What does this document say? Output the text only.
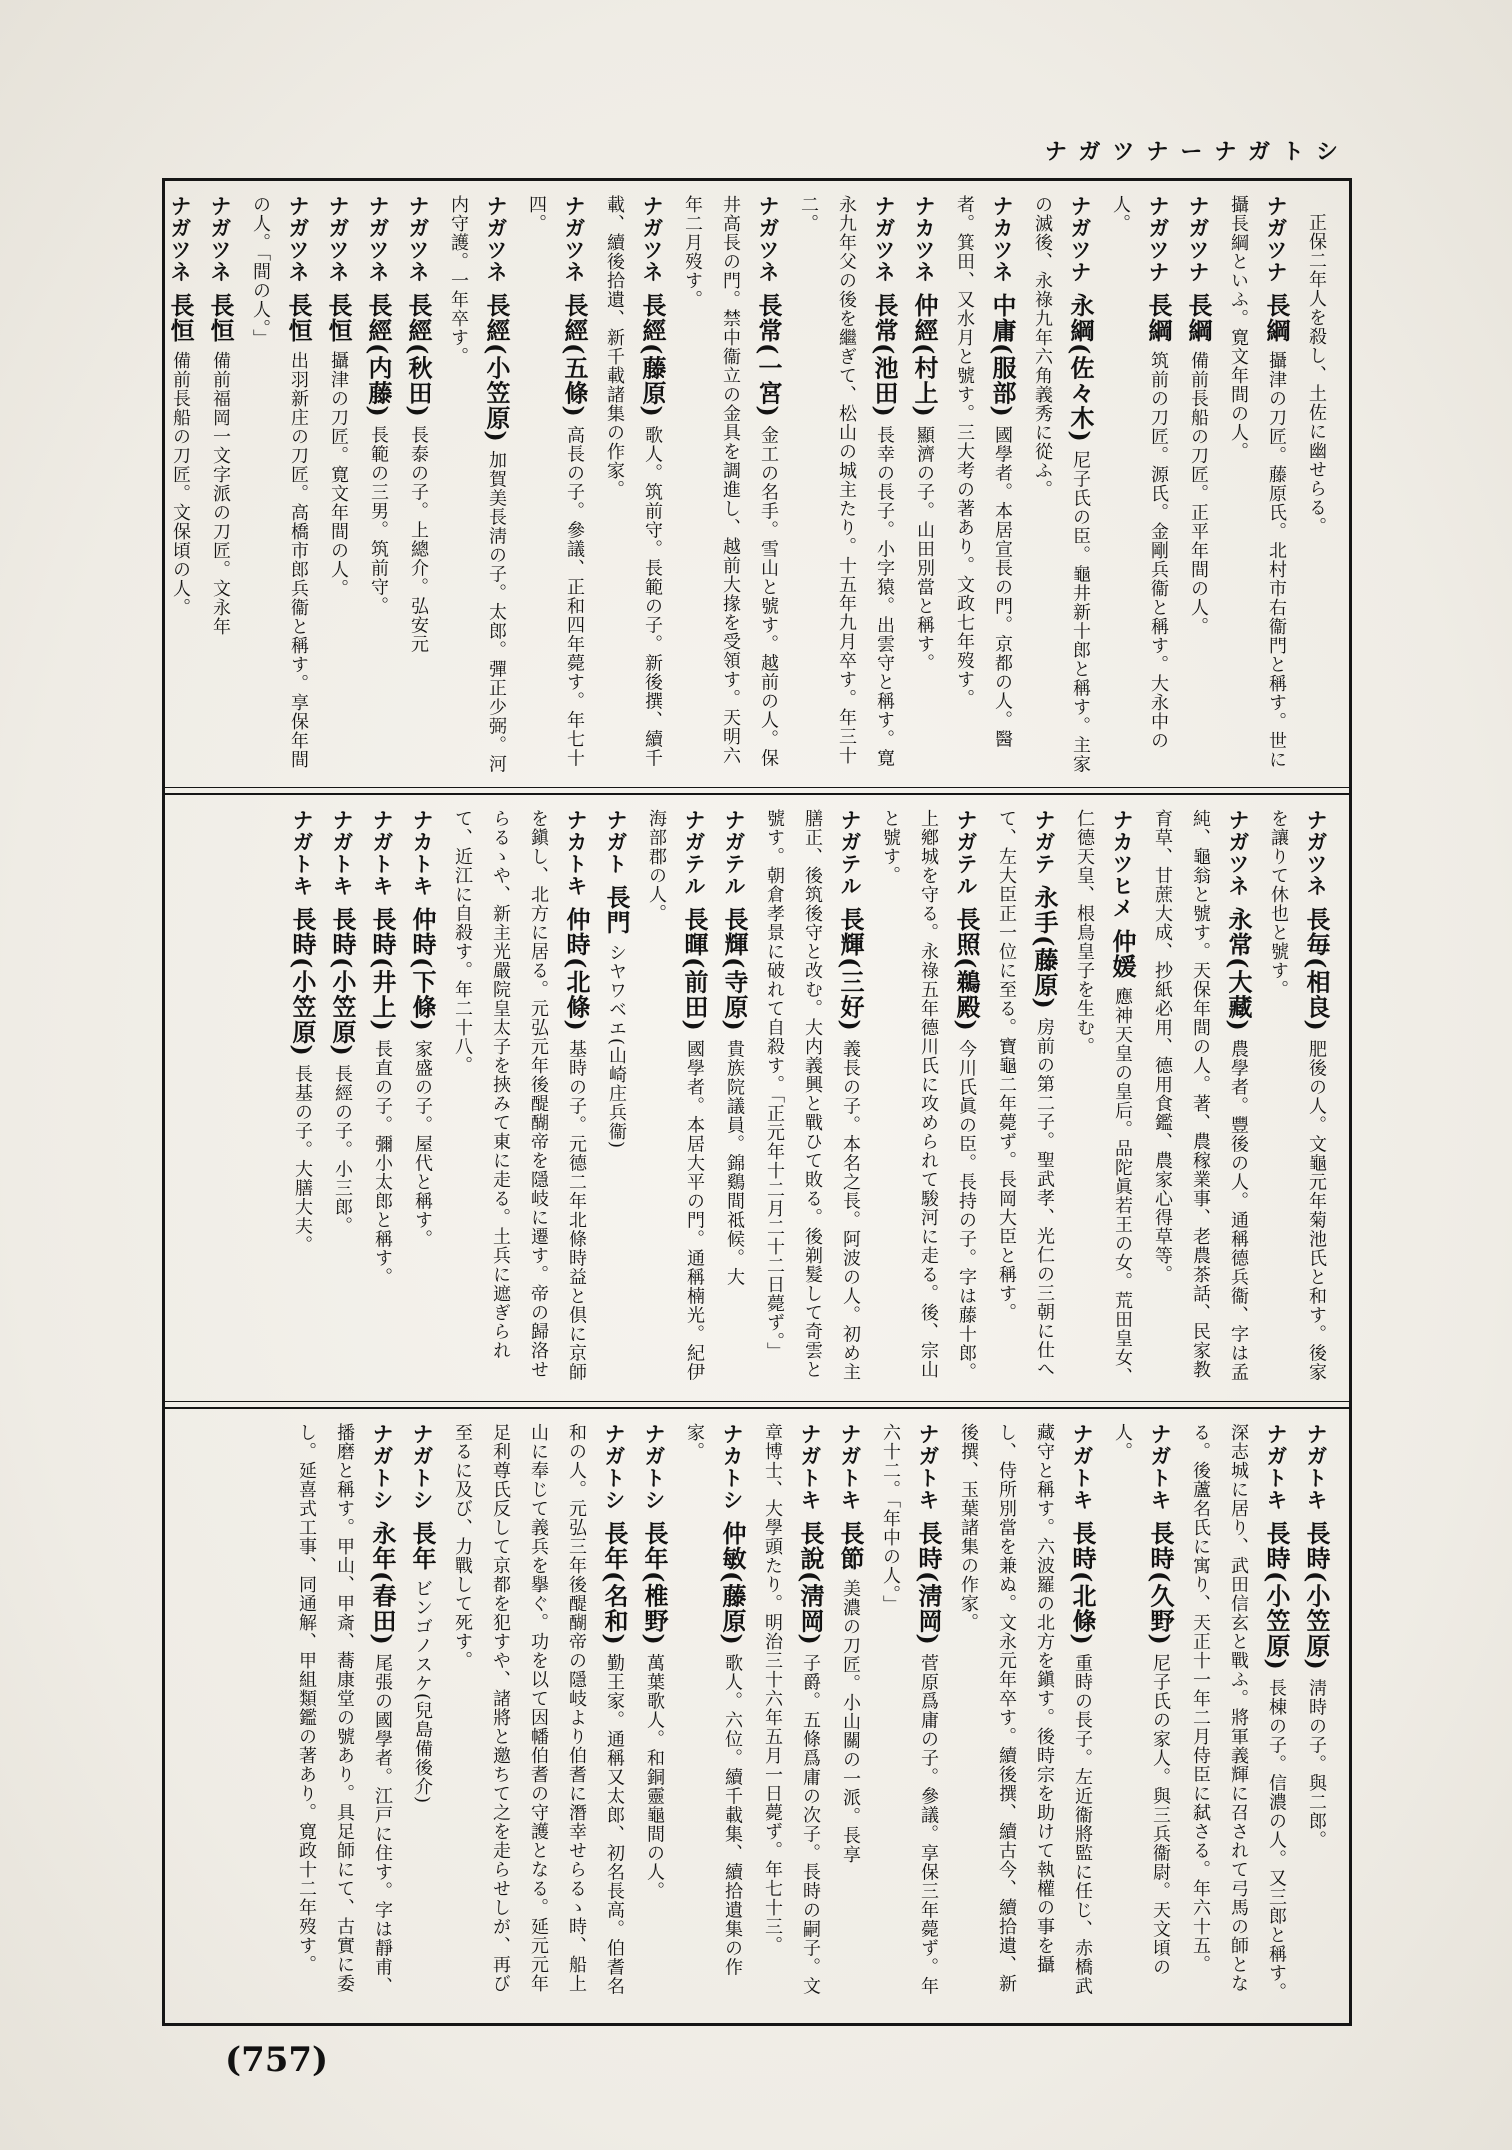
ナガツナーナガトシ
正保二年人を殺し、土佐に幽せらる。
ナガツナ長綱攝津の刀匠。藤原氏。北村市右衞門と稱す。世に攝長綱といふ。寛文年間の人。
ナガツナ長綱備前長船の刀匠。正平年間の人。
ナガツナ長綱筑前の刀匠。源氏。金剛兵衞と稱す。大永中の人。
ナガツナ永綱(佐々木)尼子氏の臣。龜井新十郎と稱す。主家の滅後、永祿九年六角義秀に從ふ。
ナカツネ中庸(服部)國學者。本居宣長の門。京都の人。醫者。箕田、又水月と號す。三大考の著あり。文政七年歿す。
ナカツネ仲經(村上)顯濟の子。山田別當と稱す。
ナガツネ長常(池田)長幸の長子。小字猿。出雲守と稱す。寛永九年父の後を繼ぎて、松山の城主たり。十五年九月卒す。年三十二。
ナガツネ長常(一宮)金工の名手。雪山と號す。越前の人。保井高長の門。禁中衞立の金具を調進し、越前大掾を受領す。天明六年二月歿す。
ナガツネ長經(藤原)歌人。筑前守。長範の子。新後撰、續千載、續後拾遺、新千載諸集の作家。
ナガツネ長經(五條)高長の子。參議、正和四年薨す。年七十四。
ナガツネ長經(小笠原)加賀美長淸の子。太郎。彈正少弼。河内守護。一年卒す。
ナガツネ長經(秋田)長泰の子。上總介。弘安元
ナガツネ長經(内藤)長範の三男。筑前守。
ナガツネ長恒攝津の刀匠。寛文年間の人。
ナガツネ長恒出羽新庄の刀匠。高橋市郎兵衞と稱す。享保年間の人。「間の人。」
ナガツネ長恒備前福岡一文字派の刀匠。文永年
ナガツネ長恒備前長船の刀匠。文保頃の人。
ナガツネ長毎(相良)肥後の人。文龜元年菊池氏と和す。後家を讓りて休也と號す。
ナガツネ永常(大藏)農學者。豐後の人。通稱德兵衞、字は孟純、龜翁と號す。天保年間の人。著、農稼業事、老農茶話、民家教育草、甘蔗大成、抄紙必用、德用食鑑、農家心得草等。
ナカツヒメ仲媛應神天皇の皇后。品陀眞若王の女。荒田皇女、仁德天皇、根鳥皇子を生む。
ナガテ永手(藤原)房前の第二子。聖武孝、光仁の三朝に仕へて、左大臣正一位に至る。寶龜二年薨ず。長岡大臣と稱す。
ナガテル長照(鵜殿)今川氏眞の臣。長持の子。字は藤十郎。上鄕城を守る。永祿五年德川氏に攻められて駿河に走る。後、宗山と號す。
ナガテル長輝(三好)義長の子。本名之長。阿波の人。初め主膳正、後筑後守と改む。大内義興と戰ひて敗る。後剃髮して奇雲と號す。朝倉孝景に破れて自殺す。「正元年十二月二十二日薨ず。」
ナガテル長輝(寺原)貴族院議員。錦鷄間祗候。大
ナガテル長暉(前田)國學者。本居大平の門。通稱楠光。紀伊海部郡の人。
ナガト長門シヤワベエ(山崎庄兵衞)
ナカトキ仲時(北條)基時の子。元德二年北條時益と倶に京師を鎭し、北方に居る。元弘元年後醍醐帝を隱岐に遷す。帝の歸洛せらるゝや、新主光嚴院皇太子を挾みて東に走る。土兵に遮ぎられて、近江に自殺す。年二十八。
ナカトキ仲時(下條)家盛の子。屋代と稱す。
ナガトキ長時(井上)長直の子。彌小太郎と稱す。
ナガトキ長時(小笠原)長經の子。小三郎。
ナガトキ長時(小笠原)長基の子。大膳大夫。
ナガトキ長時(小笠原)淸時の子。與二郎。
ナガトキ長時(小笠原)長棟の子。信濃の人。又三郎と稱す。深志城に居り、武田信玄と戰ふ。將軍義輝に召されて弓馬の師となる。後蘆名氏に寓り、天正十一年二月侍臣に弑さる。年六十五。
ナガトキ長時(久野)尼子氏の家人。與三兵衞尉。天文頃の人。
ナガトキ長時(北條)重時の長子。左近衞將監に任じ、赤橋武藏守と稱す。六波羅の北方を鎭す。後時宗を助けて執權の事を攝し、侍所別當を兼ぬ。文永元年卒す。續後撰、續古今、續拾遺、新後撰、玉葉諸集の作家。
ナガトキ長時(淸岡)菅原爲庸の子。參議。享保三年薨ず。年六十二。「年中の人。」
ナガトキ長節美濃の刀匠。小山關の一派。長享
ナガトキ長說(淸岡)子爵。五條爲庸の次子。長時の嗣子。文章博士、大學頭たり。明治三十六年五月一日薨ず。年七十三。
ナカトシ仲敏(藤原)歌人。六位。續千載集、續拾遺集の作家。
ナガトシ長年(椎野)萬葉歌人。和銅靈龜間の人。
ナガトシ長年(名和)勤王家。通稱又太郎、初名長高。伯耆名和の人。元弘三年後醍醐帝の隱岐より伯耆に潛幸せらるゝ時、船上山に奉じて義兵を擧ぐ。功を以て因幡伯耆の守護となる。延元元年足利尊氏反して京都を犯すや、諸將と邀ちて之を走らせしが、再び至るに及び、力戰して死す。
ナガトシ長年ビンゴノスケ(兒島備後介)
ナガトシ永年(春田)尾張の國學者。江戸に住す。字は靜甫、播磨と稱す。甲山、甲斎、蕎康堂の號あり。具足師にて、古實に委し。延喜式工事、同通解、甲組類鑑の著あり。寛政十二年歿す。
(757)
